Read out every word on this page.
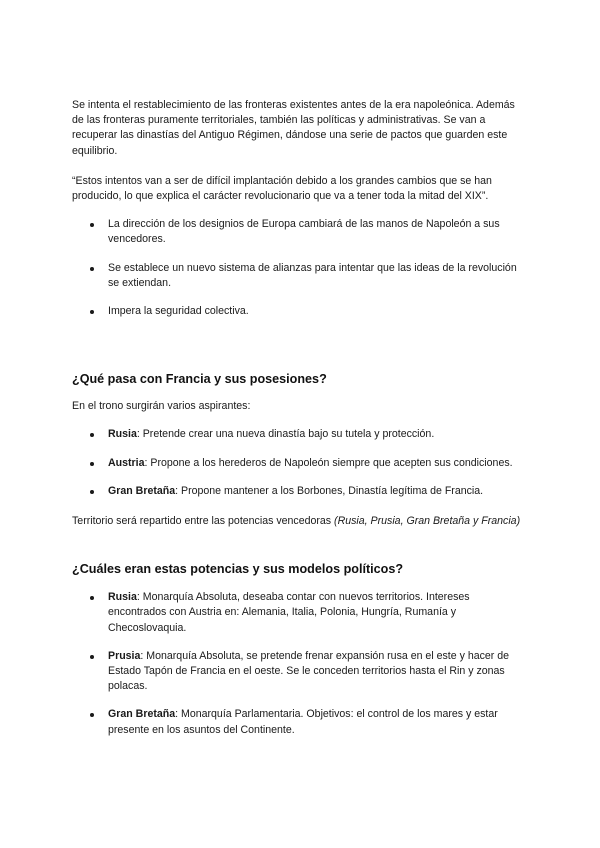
Se intenta el restablecimiento de las fronteras existentes antes de la era napoleónica. Además de las fronteras puramente territoriales, también las políticas y administrativas. Se van a recuperar las dinastías del Antiguo Régimen, dándose una serie de pactos que guarden este equilibrio.

“Estos intentos van a ser de difícil implantación debido a los grandes cambios que se han producido, lo que explica el carácter revolucionario que va a tener toda la mitad del XIX”.

La dirección de los designios de Europa cambiará de las manos de Napoleón a sus vencedores.
Se establece un nuevo sistema de alianzas para intentar que las ideas de la revolución se extiendan.
Impera la seguridad colectiva.
¿Qué pasa con Francia y sus posesiones?

En el trono surgirán varios aspirantes:

Rusia: Pretende crear una nueva dinastía bajo su tutela y protección.
Austria: Propone a los herederos de Napoleón siempre que acepten sus condiciones.
Gran Bretaña: Propone mantener a los Borbones, Dinastía legítima de Francia.

Territorio será repartido entre las potencias vencedoras (Rusia, Prusia, Gran Bretaña y Francia)

¿Cuáles eran estas potencias y sus modelos políticos?
Rusia: Monarquía Absoluta, deseaba contar con nuevos territorios. Intereses encontrados con Austria en: Alemania, Italia, Polonia, Hungría, Rumanía y Checoslovaquia.
Prusia: Monarquía Absoluta, se pretende frenar expansión rusa en el este y hacer de Estado Tapón de Francia en el oeste. Se le conceden territorios hasta el Rin y zonas polacas.
Gran Bretaña: Monarquía Parlamentaria. Objetivos: el control de los mares y estar presente en los asuntos del Continente.
